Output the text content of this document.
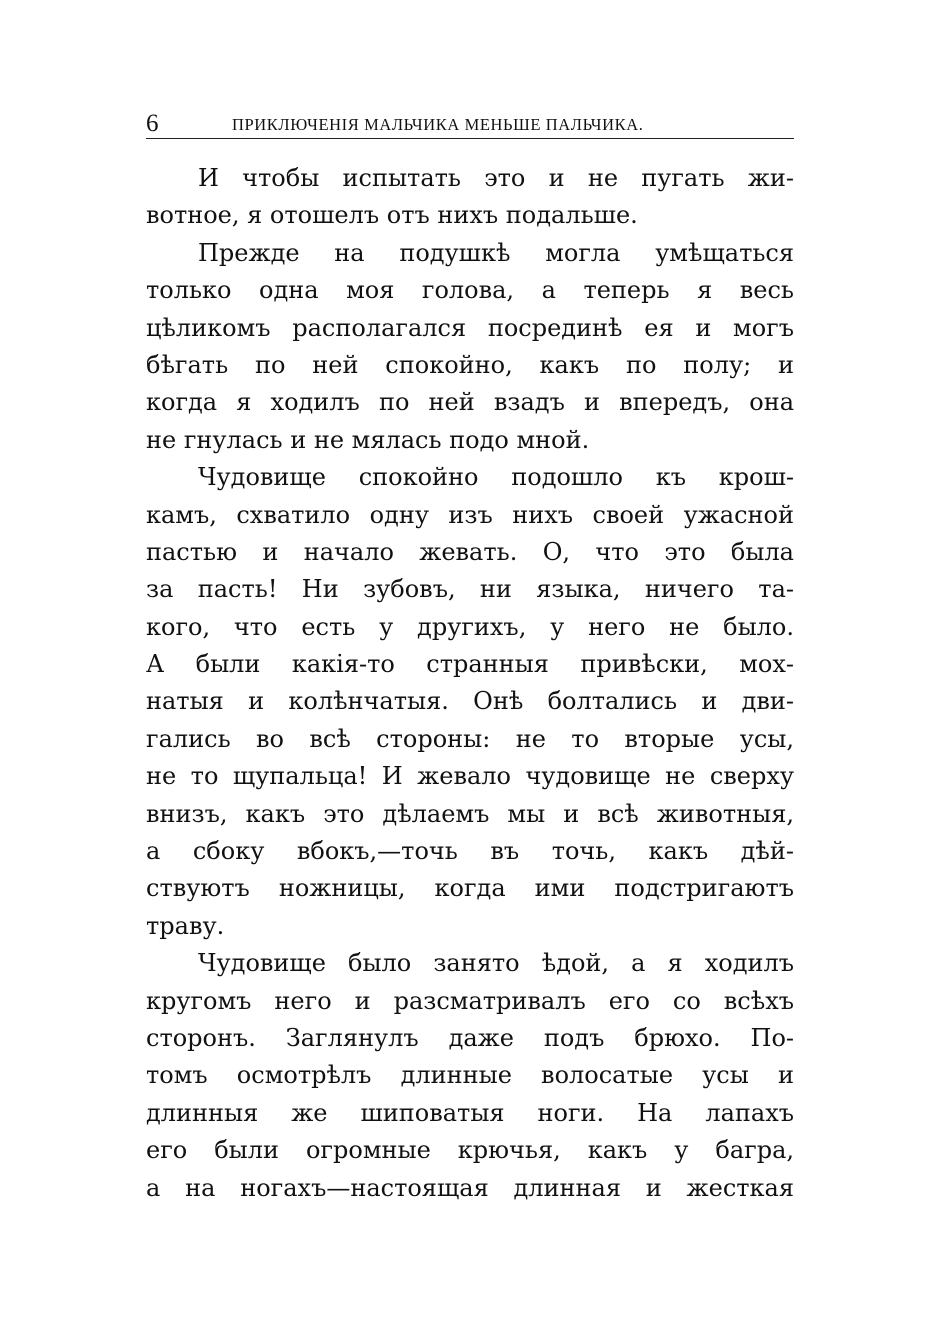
6	ПРИКЛЮЧЕНІЯ МАЛЬЧИКА МЕНЬШЕ ПАЛЬЧИКА.
И чтобы испытать это и не пугать жи-
вотное, я отошелъ отъ нихъ подальше.
Прежде на подушкѣ могла умѣщаться
только одна моя голова, а теперь я весь
цѣликомъ располагался посрединѣ ея и могъ
бѣгать по ней спокойно, какъ по полу; и
когда я ходилъ по ней взадъ и впередъ, она
не гнулась и не мялась подо мной.
Чудовище спокойно подошло къ крош-
камъ, схватило одну изъ нихъ своей ужасной
пастью и начало жевать. О, что это была
за пасть! Ни зубовъ, ни языка, ничего та-
кого, что есть у другихъ, у него не было.
А были какія-то странныя привѣски, мох-
натыя и колѣнчатыя. Онѣ болтались и дви-
гались во всѣ стороны: не то вторые усы,
не то щупальца! И жевало чудовище не сверху
внизъ, какъ это дѣлаемъ мы и всѣ животныя,
а сбоку вбокъ,—точь въ точь, какъ дѣй-
ствуютъ ножницы, когда ими подстригаютъ
траву.
Чудовище было занято ѣдой, а я ходилъ
кругомъ него и разсматривалъ его со всѣхъ
сторонъ. Заглянулъ даже подъ брюхо. По-
томъ осмотрѣлъ длинные волосатые усы и
длинныя же шиповатыя ноги. На лапахъ
его были огромные крючья, какъ у багра,
а на ногахъ—настоящая длинная и жесткая
